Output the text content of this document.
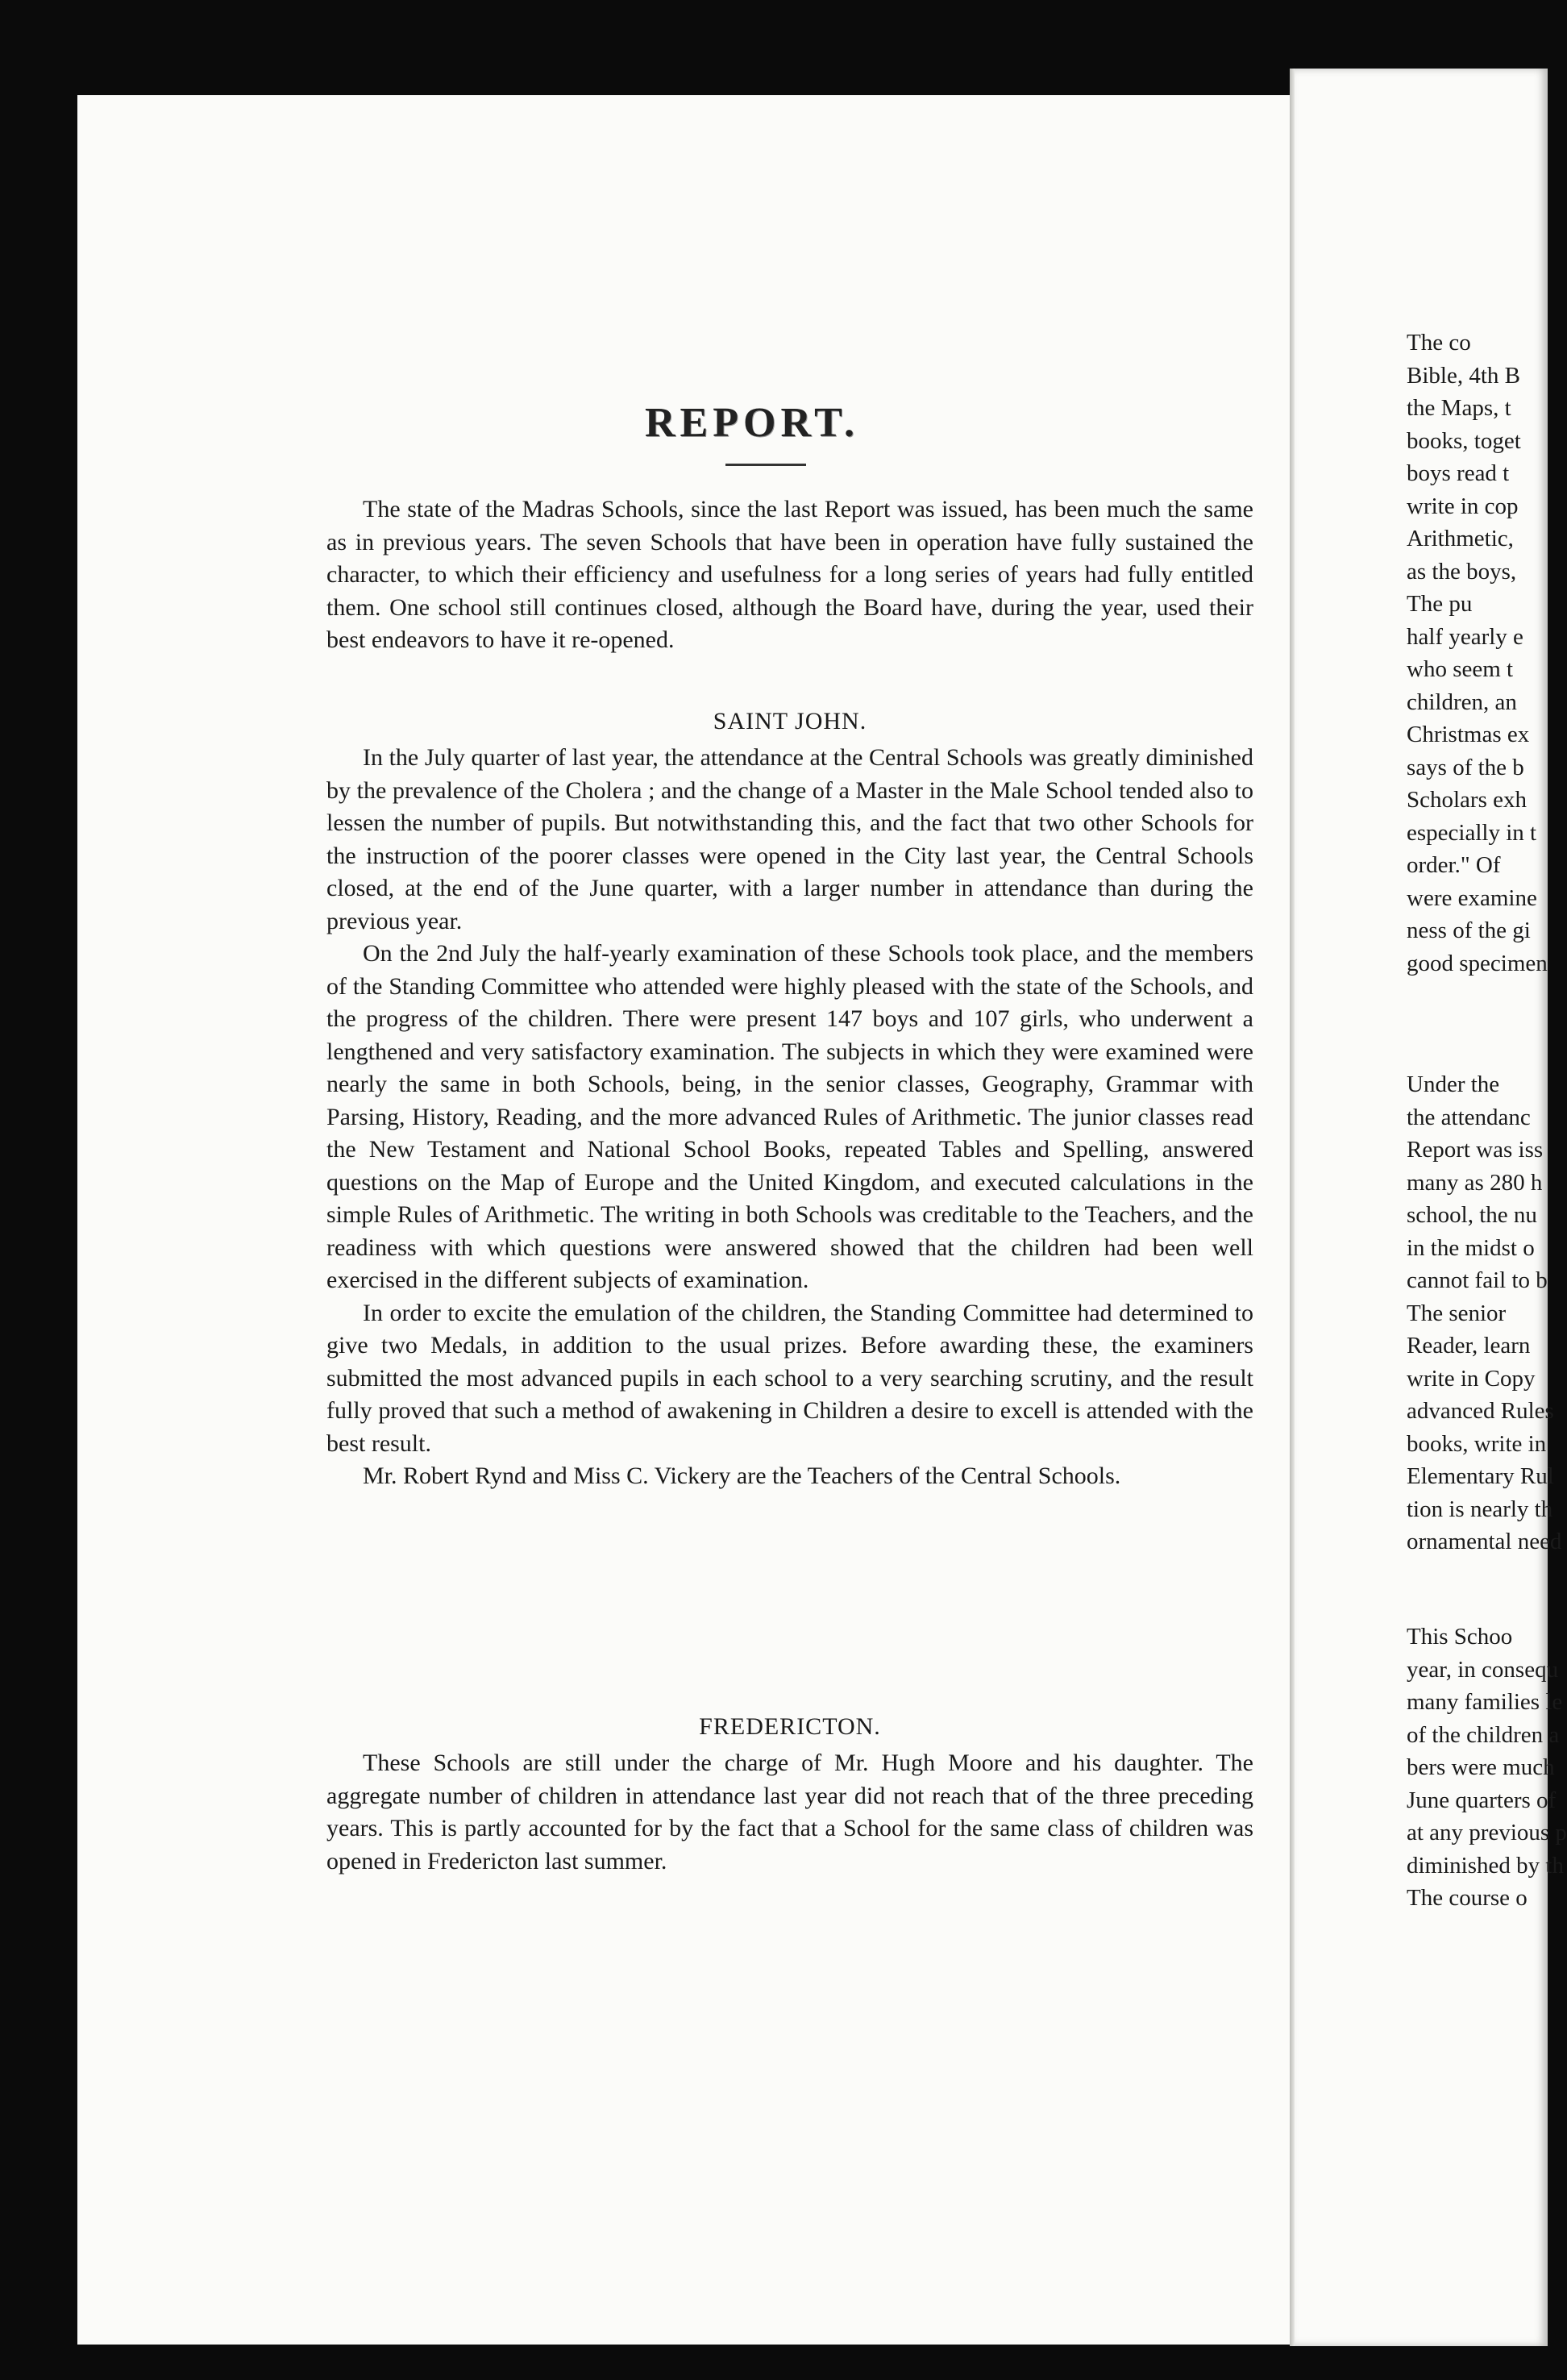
REPORT.

The state of the Madras Schools, since the last Report was issued, has been much the same as in previous years. The seven Schools that have been in operation have fully sustained the character, to which their efficiency and usefulness for a long series of years had fully entitled them. One school still continues closed, although the Board have, during the year, used their best endeavors to have it re-opened.

SAINT JOHN.

In the July quarter of last year, the attendance at the Central Schools was greatly diminished by the prevalence of the Cholera ; and the change of a Master in the Male School tended also to lessen the number of pupils. But notwithstanding this, and the fact that two other Schools for the instruction of the poorer classes were opened in the City last year, the Central Schools closed, at the end of the June quarter, with a larger number in attendance than during the previous year.

On the 2nd July the half-yearly examination of these Schools took place, and the members of the Standing Committee who attended were highly pleased with the state of the Schools, and the progress of the children. There were present 147 boys and 107 girls, who underwent a lengthened and very satisfactory examination. The subjects in which they were examined were nearly the same in both Schools, being, in the senior classes, Geography, Grammar with Parsing, History, Reading, and the more advanced Rules of Arithmetic. The junior classes read the New Testament and National School Books, repeated Tables and Spelling, answered questions on the Map of Europe and the United Kingdom, and executed calculations in the simple Rules of Arithmetic. The writing in both Schools was creditable to the Teachers, and the readiness with which questions were answered showed that the children had been well exercised in the different subjects of examination.

In order to excite the emulation of the children, the Standing Committee had determined to give two Medals, in addition to the usual prizes. Before awarding these, the examiners submitted the most advanced pupils in each school to a very searching scrutiny, and the result fully proved that such a method of awakening in Children a desire to excell is attended with the best result.

Mr. Robert Rynd and Miss C. Vickery are the Teachers of the Central Schools.

FREDERICTON.

These Schools are still under the charge of Mr. Hugh Moore and his daughter. The aggregate number of children in attendance last year did not reach that of the three preceding years. This is partly accounted for by the fact that a School for the same class of children was opened in Fredericton last summer.

The co
Bible, 4th B
the Maps, t
books, toget
boys read t
write in cop
Arithmetic,
as the boys,
The pu
half yearly e
who seem t
children, an
Christmas ex
says of the b
Scholars exh
especially in t
order." Of
were examine
ness of the gi
good specimen
Under the
the attendanc
Report was iss
many as 280 h
school, the nu
in the midst o
cannot fail to b
The senior
Reader, learn
write in Copy
advanced Rules
books, write in
Elementary Rul
tion is nearly th
ornamental need
This Schoo
year, in consequ
many families le
of the children a
bers were much
June quarters of
at any previous p
diminished by th
The course o
